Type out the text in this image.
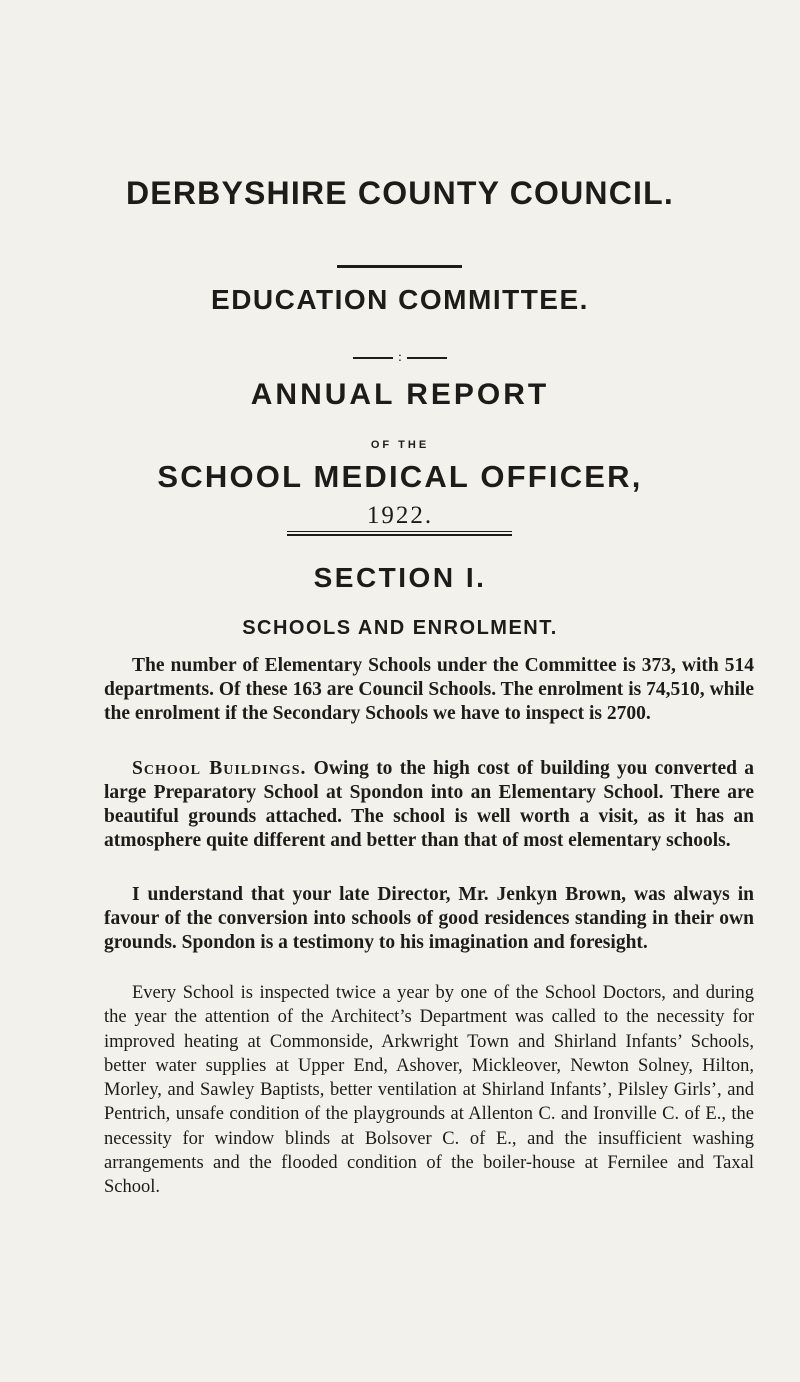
DERBYSHIRE COUNTY COUNCIL.
EDUCATION COMMITTEE.
:
ANNUAL REPORT
OF THE
SCHOOL MEDICAL OFFICER,
1922.
SECTION I.
SCHOOLS AND ENROLMENT.

The number of Elementary Schools under the Committee is 373, with 514 departments. Of these 163 are Council Schools. The enrolment is 74,510, while the enrolment if the Secondary Schools we have to inspect is 2700.

School Buildings. Owing to the high cost of building you converted a large Preparatory School at Spondon into an Elementary School. There are beautiful grounds attached. The school is well worth a visit, as it has an atmosphere quite different and better than that of most elementary schools.

I understand that your late Director, Mr. Jenkyn Brown, was always in favour of the conversion into schools of good residences standing in their own grounds. Spondon is a testimony to his imagination and foresight.

Every School is inspected twice a year by one of the School Doctors, and during the year the attention of the Architect’s Department was called to the necessity for improved heating at Commonside, Arkwright Town and Shirland Infants’ Schools, better water supplies at Upper End, Ashover, Mickleover, Newton Solney, Hilton, Morley, and Sawley Baptists, better ventilation at Shirland Infants’, Pilsley Girls’, and Pentrich, unsafe condition of the playgrounds at Allenton C. and Ironville C. of E., the necessity for window blinds at Bolsover C. of E., and the insufficient washing arrangements and the flooded condition of the boiler-house at Fernilee and Taxal School.
